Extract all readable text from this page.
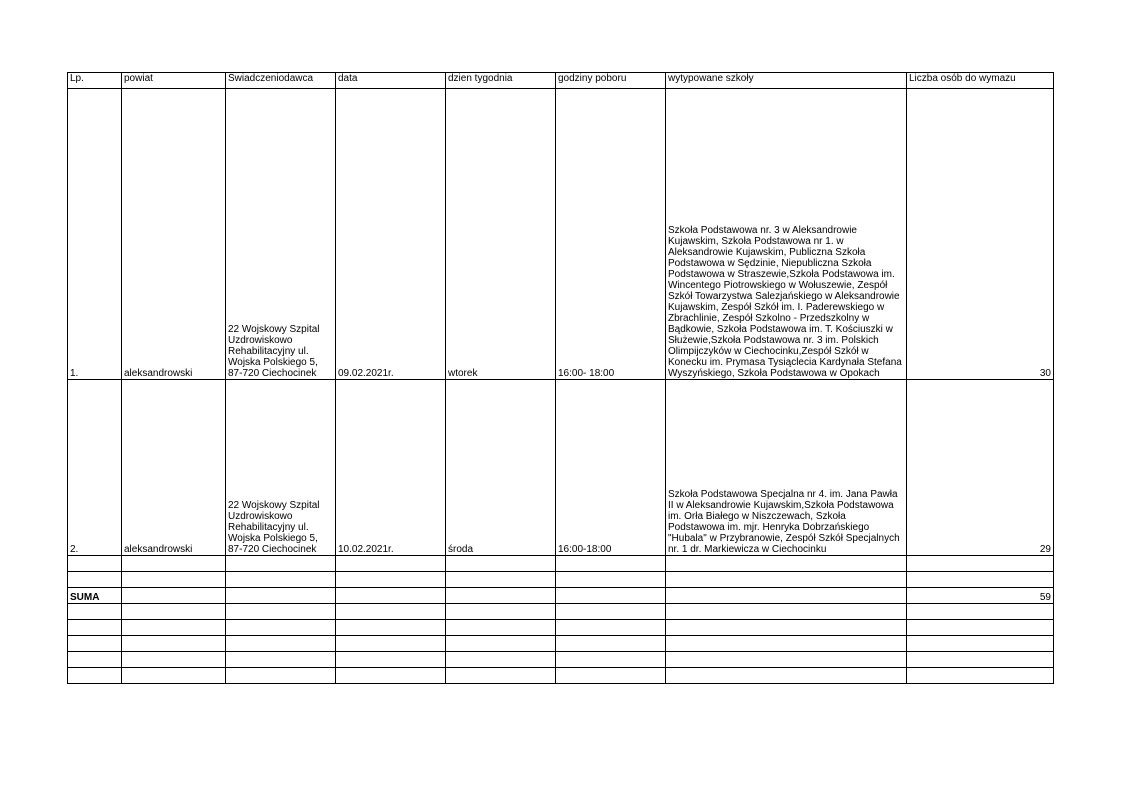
Lp.	powiat	Świadczeniodawca	data	dzien tygodnia	godziny poboru	wytypowane szkoły	Liczba osób do wymazu
1.	aleksandrowski	22 Wojskowy Szpital Uzdrowiskowo Rehabilitacyjny ul. Wojska Polskiego 5, 87-720 Ciechocinek	09.02.2021r.	wtorek	16:00- 18:00	Szkoła Podstawowa nr. 3 w Aleksandrowie Kujawskim, Szkoła Podstawowa nr 1. w Aleksandrowie Kujawskim, Publiczna Szkoła Podstawowa w Sędzinie, Niepubliczna Szkoła Podstawowa w Straszewie,Szkoła Podstawowa im. Wincentego Piotrowskiego w Wołuszewie, Zespół Szkół Towarzystwa Salezjańskiego w Aleksandrowie Kujawskim, Zespół Szkół im. I. Paderewskiego w Zbrachlinie, Zespół Szkolno - Przedszkolny w Bądkowie, Szkoła Podstawowa im. T. Kościuszki w Służewie,Szkoła Podstawowa nr. 3 im. Polskich Olimpijczyków w Ciechocinku,Zespół Szkół w Konecku im. Prymasa Tysiąclecia Kardynała Stefana Wyszyńskiego, Szkoła Podstawowa w Opokach	30
2.	aleksandrowski	22 Wojskowy Szpital Uzdrowiskowo Rehabilitacyjny ul. Wojska Polskiego 5, 87-720 Ciechocinek	10.02.2021r.	środa	16:00-18:00	Szkoła Podstawowa Specjalna nr 4. im. Jana Pawła II w Aleksandrowie Kujawskim,Szkoła Podstawowa im. Orła Białego w Niszczewach, Szkoła Podstawowa im. mjr. Henryka Dobrzańskiego "Hubala" w Przybranowie, Zespół Szkół Specjalnych nr. 1 dr. Markiewicza w Ciechocinku	29

SUMA							59
